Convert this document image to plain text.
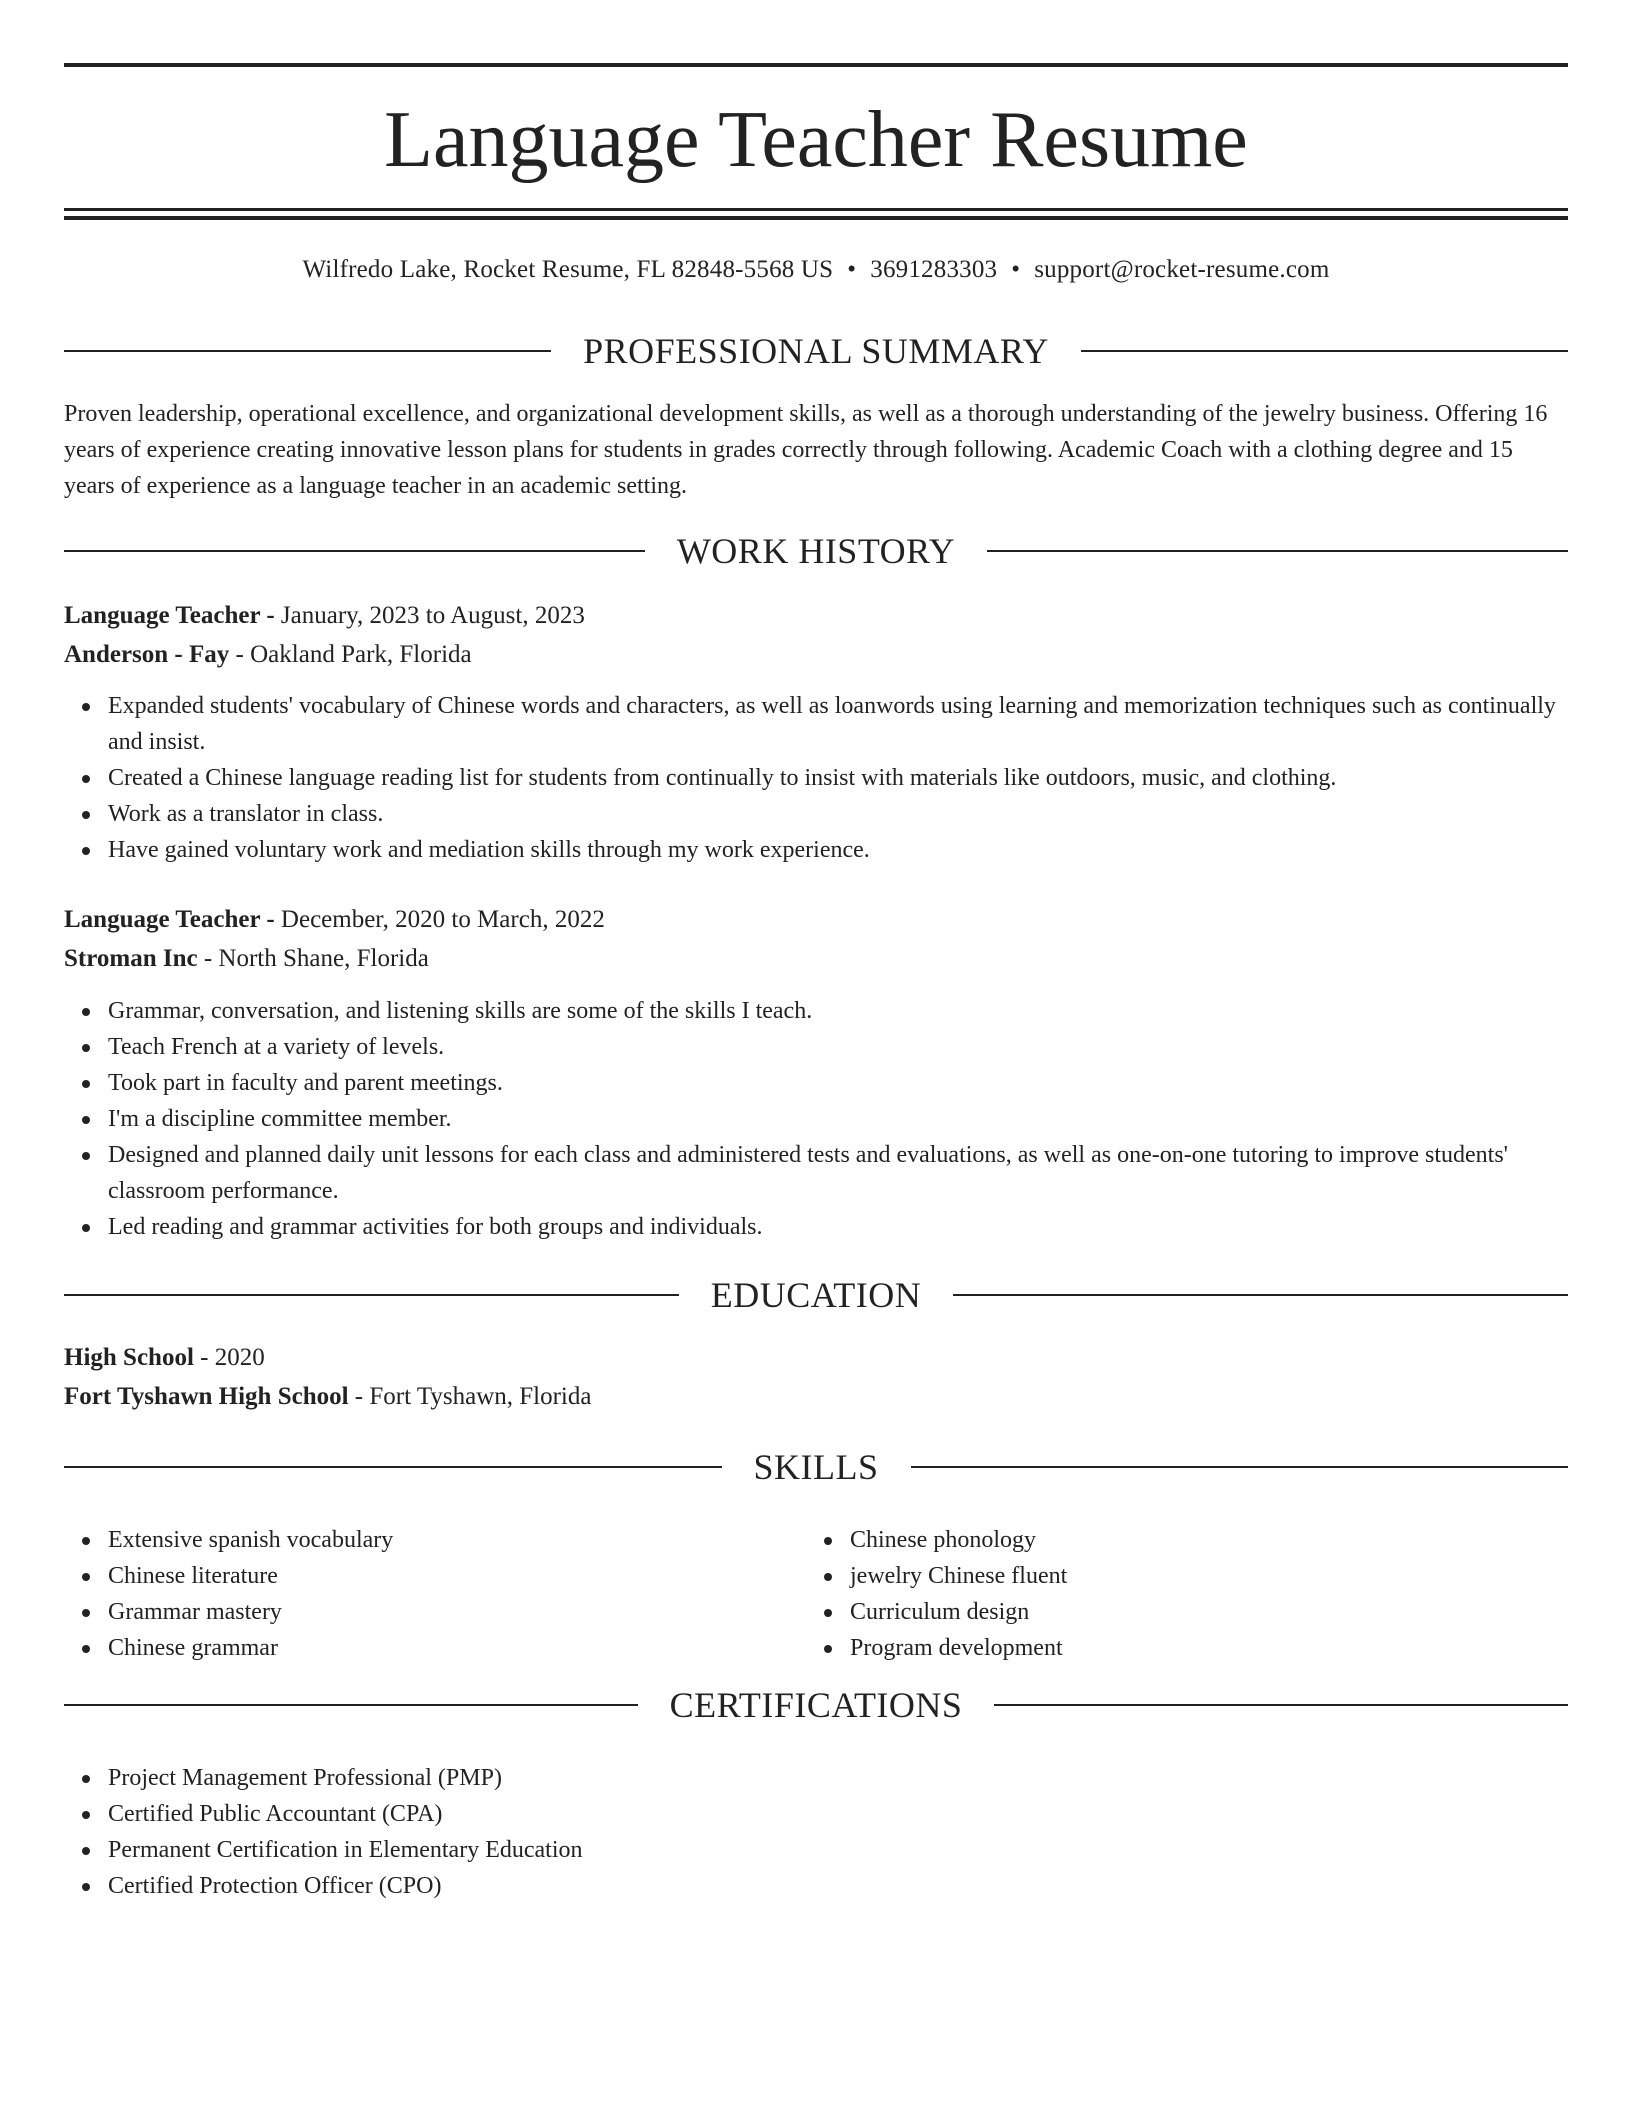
Language Teacher Resume
Wilfredo Lake, Rocket Resume, FL 82848-5568 US • 3691283303 • support@rocket-resume.com
PROFESSIONAL SUMMARY
Proven leadership, operational excellence, and organizational development skills, as well as a thorough understanding of the jewelry business. Offering 16 years of experience creating innovative lesson plans for students in grades correctly through following. Academic Coach with a clothing degree and 15 years of experience as a language teacher in an academic setting.
WORK HISTORY
Language Teacher - January, 2023 to August, 2023
Anderson - Fay - Oakland Park, Florida
Expanded students' vocabulary of Chinese words and characters, as well as loanwords using learning and memorization techniques such as continually and insist.
Created a Chinese language reading list for students from continually to insist with materials like outdoors, music, and clothing.
Work as a translator in class.
Have gained voluntary work and mediation skills through my work experience.
Language Teacher - December, 2020 to March, 2022
Stroman Inc - North Shane, Florida
Grammar, conversation, and listening skills are some of the skills I teach.
Teach French at a variety of levels.
Took part in faculty and parent meetings.
I'm a discipline committee member.
Designed and planned daily unit lessons for each class and administered tests and evaluations, as well as one-on-one tutoring to improve students' classroom performance.
Led reading and grammar activities for both groups and individuals.
EDUCATION
High School - 2020
Fort Tyshawn High School - Fort Tyshawn, Florida
SKILLS
Extensive spanish vocabulary
Chinese literature
Grammar mastery
Chinese grammar
Chinese phonology
jewelry Chinese fluent
Curriculum design
Program development
CERTIFICATIONS
Project Management Professional (PMP)
Certified Public Accountant (CPA)
Permanent Certification in Elementary Education
Certified Protection Officer (CPO)
